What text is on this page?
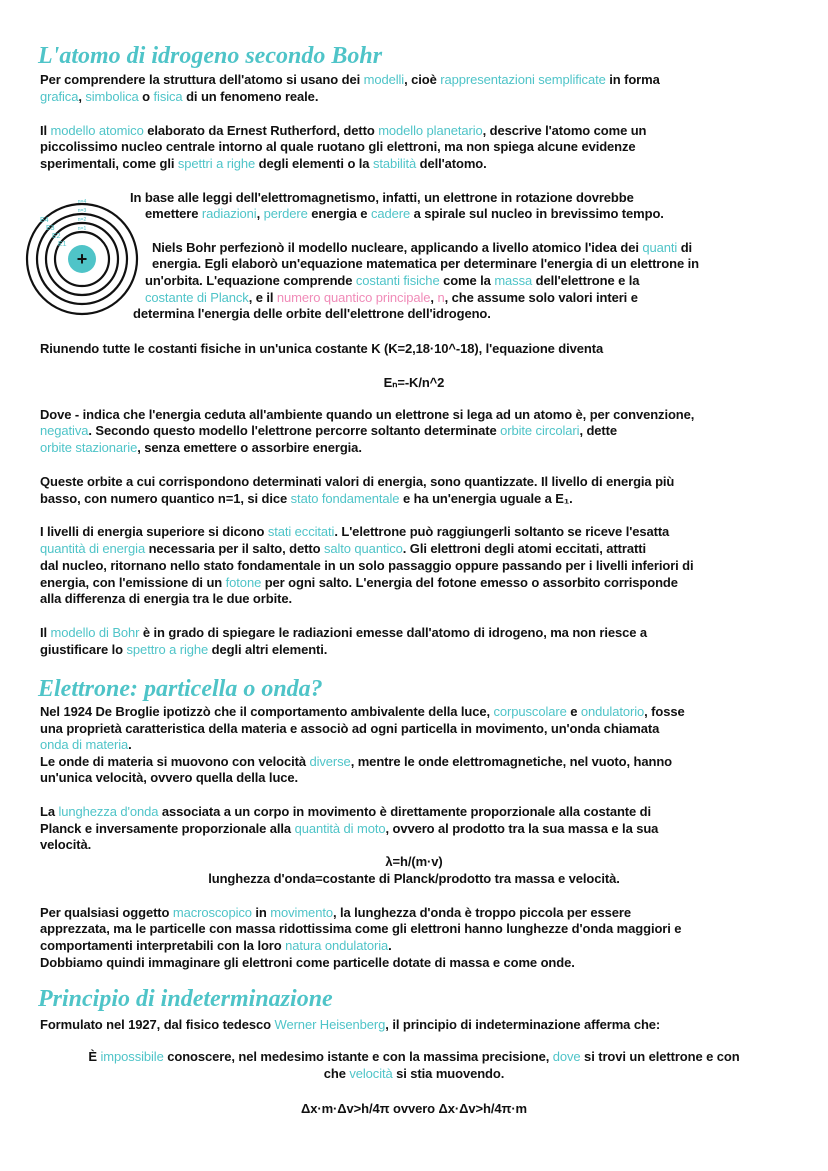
L'atomo di idrogeno secondo Bohr
Per comprendere la struttura dell'atomo si usano dei modelli, cioè rappresentazioni semplificate in forma
grafica, simbolica o fisica di un fenomeno reale.
Il modello atomico elaborato da Ernest Rutherford, detto modello planetario, descrive l'atomo come un
piccolissimo nucleo centrale intorno al quale ruotano gli elettroni, ma non spiega alcune evidenze
sperimentali, come gli spettri a righe degli elementi o la stabilità dell'atomo.
+
n=1
n=2
n=3
n=4
E1
E2
E3
E4
In base alle leggi dell'elettromagnetismo, infatti, un elettrone in rotazione dovrebbe
emettere radiazioni, perdere energia e cadere a spirale sul nucleo in brevissimo tempo.
Niels Bohr perfezionò il modello nucleare, applicando a livello atomico l'idea dei quanti di
energia. Egli elaborò un'equazione matematica per determinare l'energia di un elettrone in
un'orbita. L'equazione comprende costanti fisiche come la massa dell'elettrone e la
costante di Planck, e il numero quantico principale, n, che assume solo valori interi e
determina l'energia delle orbite dell'elettrone dell'idrogeno.
Riunendo tutte le costanti fisiche in un'unica costante K (K=2,18·10^-18), l'equazione diventa
Eₙ=-K/n^2
Dove - indica che l'energia ceduta all'ambiente quando un elettrone si lega ad un atomo è, per convenzione,
negativa. Secondo questo modello l'elettrone percorre soltanto determinate orbite circolari, dette
orbite stazionarie, senza emettere o assorbire energia.
Queste orbite a cui corrispondono determinati valori di energia, sono quantizzate. Il livello di energia più
basso, con numero quantico n=1, si dice stato fondamentale e ha un'energia uguale a E₁.
I livelli di energia superiore si dicono stati eccitati. L'elettrone può raggiungerli soltanto se riceve l'esatta
quantità di energia necessaria per il salto, detto salto quantico. Gli elettroni degli atomi eccitati, attratti
dal nucleo, ritornano nello stato fondamentale in un solo passaggio oppure passando per i livelli inferiori di
energia, con l'emissione di un fotone per ogni salto. L'energia del fotone emesso o assorbito corrisponde
alla differenza di energia tra le due orbite.
Il modello di Bohr è in grado di spiegare le radiazioni emesse dall'atomo di idrogeno, ma non riesce a
giustificare lo spettro a righe degli altri elementi.
Elettrone: particella o onda?
Nel 1924 De Broglie ipotizzò che il comportamento ambivalente della luce, corpuscolare e ondulatorio, fosse
una proprietà caratteristica della materia e associò ad ogni particella in movimento, un'onda chiamata
onda di materia.
Le onde di materia si muovono con velocità diverse, mentre le onde elettromagnetiche, nel vuoto, hanno
un'unica velocità, ovvero quella della luce.
La lunghezza d'onda associata a un corpo in movimento è direttamente proporzionale alla costante di
Planck e inversamente proporzionale alla quantità di moto, ovvero al prodotto tra la sua massa e la sua
velocità.
λ=h/(m·v)
lunghezza d'onda=costante di Planck/prodotto tra massa e velocità.
Per qualsiasi oggetto macroscopico in movimento, la lunghezza d'onda è troppo piccola per essere
apprezzata, ma le particelle con massa ridottissima come gli elettroni hanno lunghezze d'onda maggiori e
comportamenti interpretabili con la loro natura ondulatoria.
Dobbiamo quindi immaginare gli elettroni come particelle dotate di massa e come onde.
Principio di indeterminazione
Formulato nel 1927, dal fisico tedesco Werner Heisenberg, il principio di indeterminazione afferma che:
È impossibile conoscere, nel medesimo istante e con la massima precisione, dove si trovi un elettrone e con
che velocità si stia muovendo.
Δx·m·Δv>h/4π ovvero Δx·Δv>h/4π·m
